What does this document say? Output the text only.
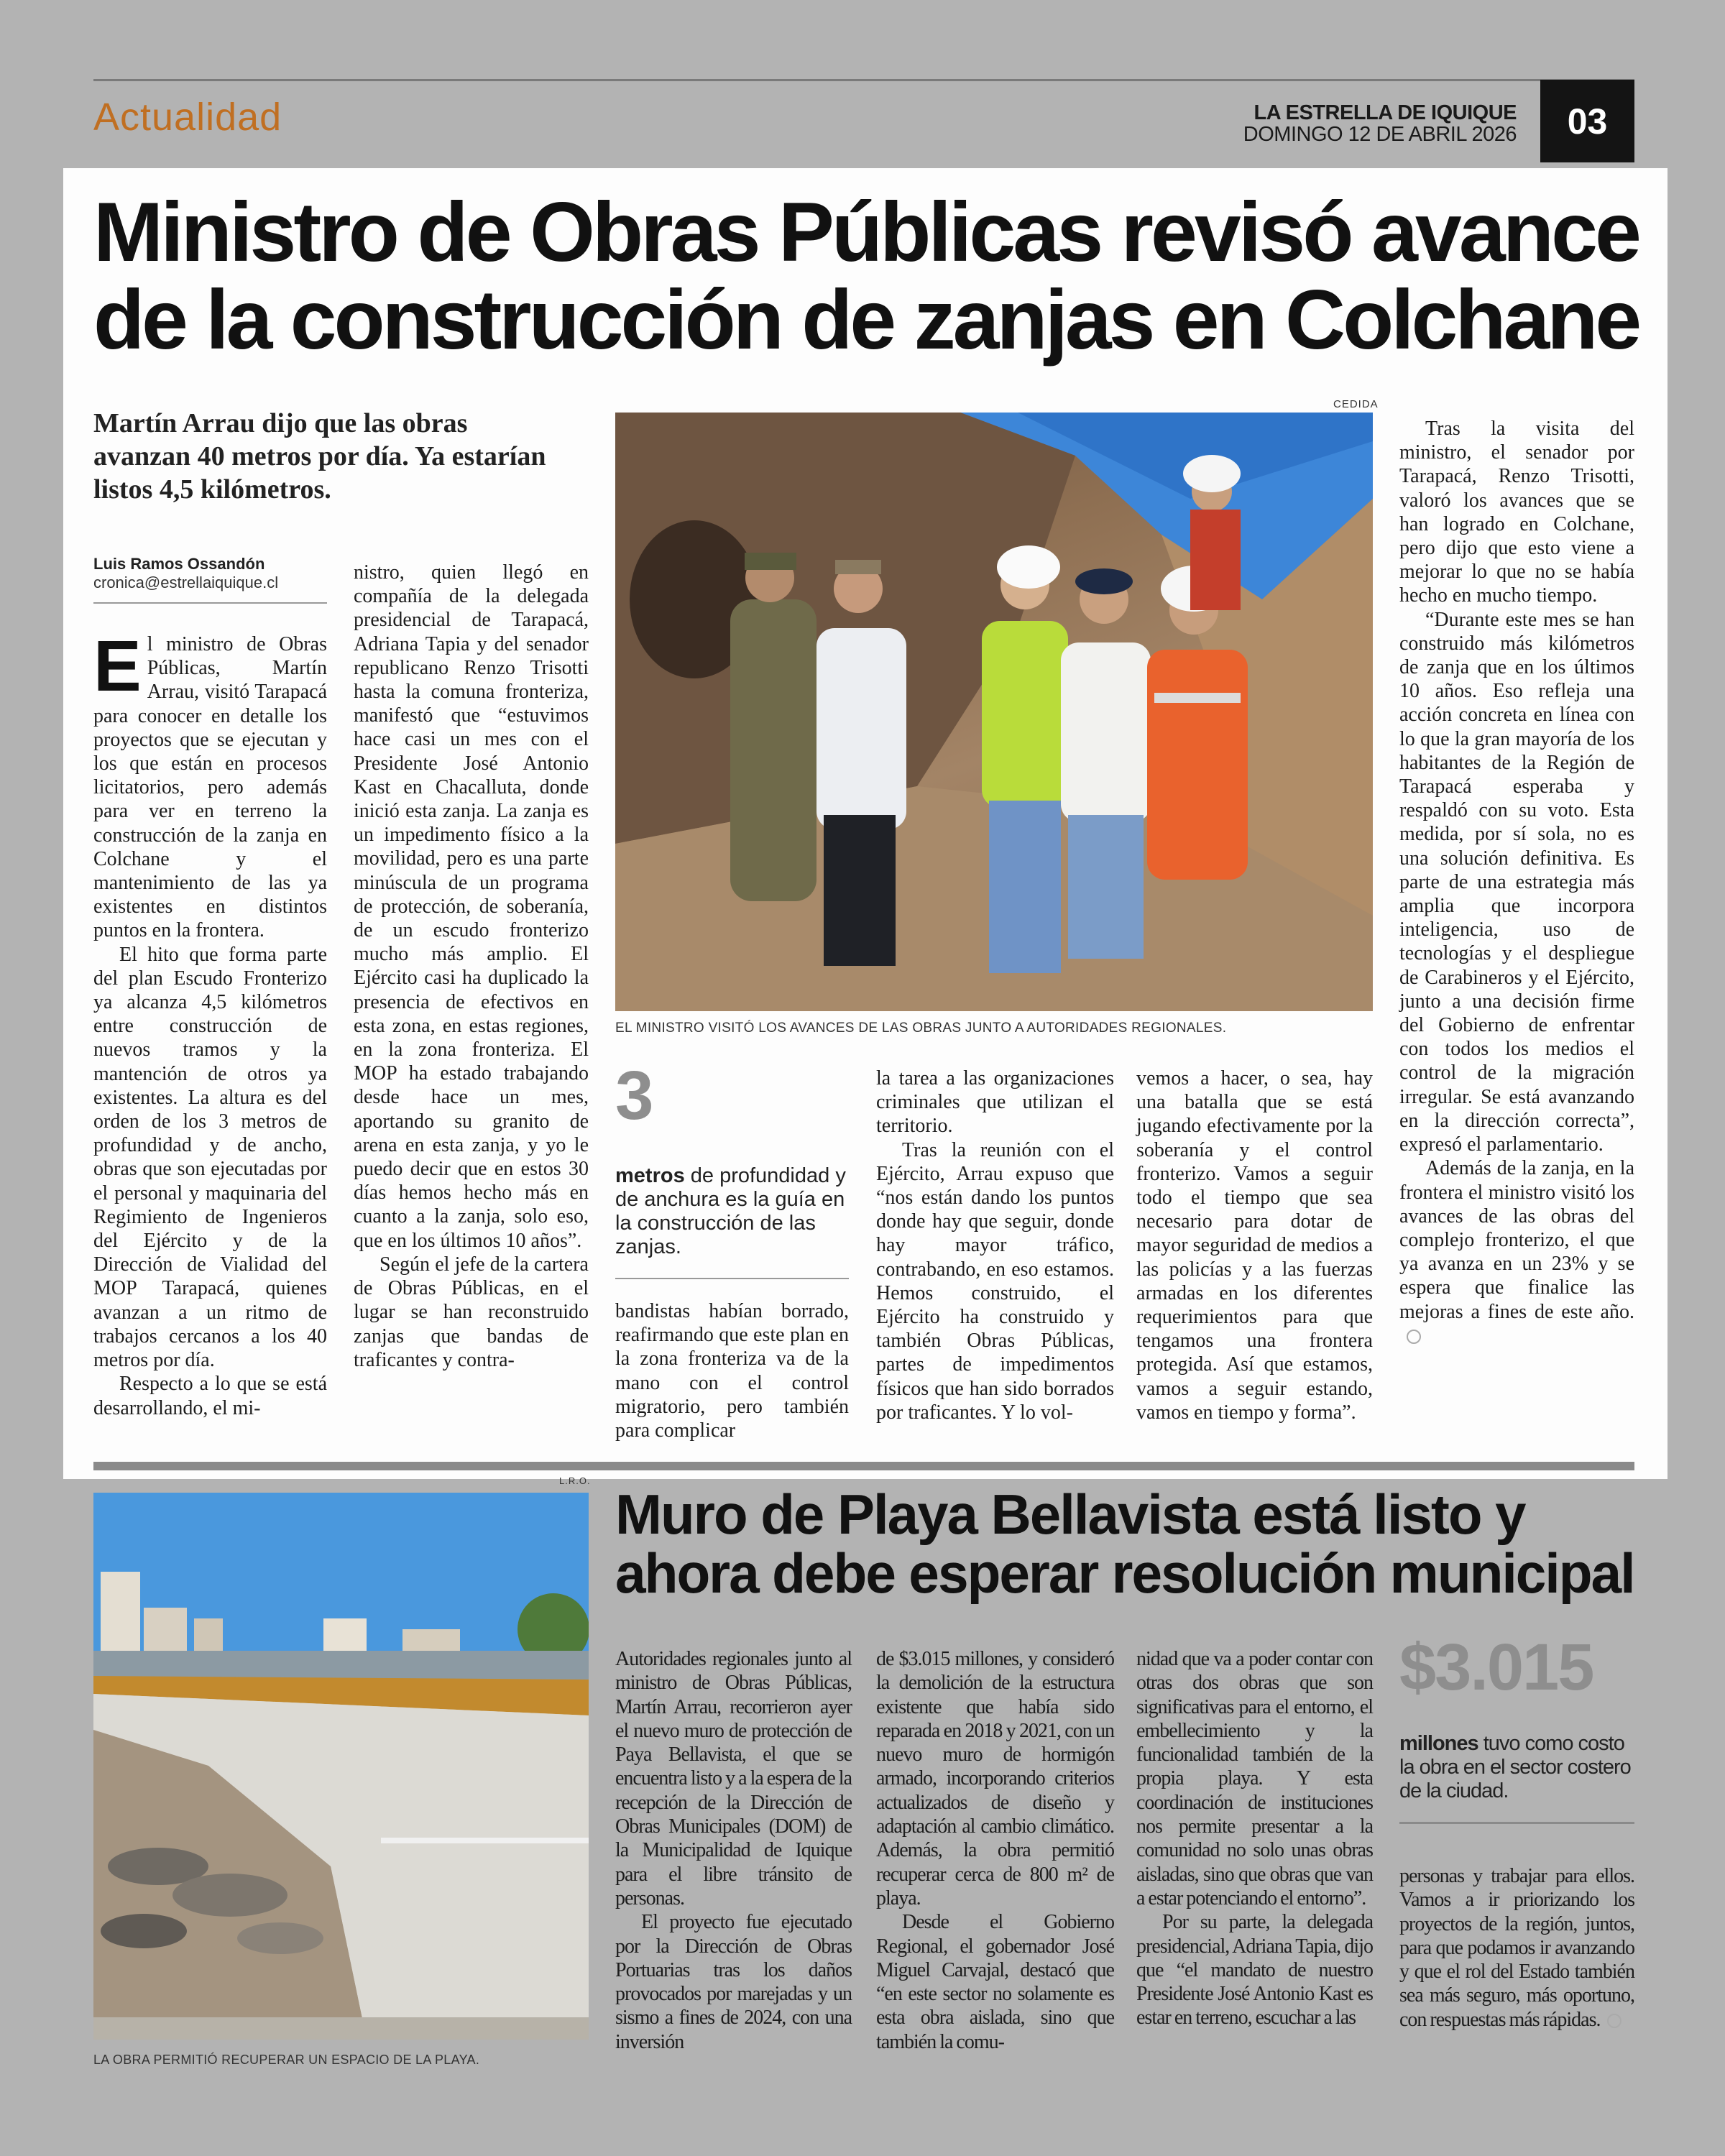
Actualidad	LA ESTRELLA DE IQUIQUE
DOMINGO 12 DE ABRIL 2026	03
Ministro de Obras Públicas revisó avance
de la construcción de zanjas en Colchane
Martín Arrau dijo que las obras avanzan 40 metros por día. Ya estarían listos 4,5 kilómetros.
Luis Ramos Ossandón
cronica@estrellaiquique.cl
CEDIDA
EL MINISTRO VISITÓ LOS AVANCES DE LAS OBRAS JUNTO A AUTORIDADES REGIONALES.

El ministro de Obras Públicas, Martín Arrau, visitó Tarapacá para conocer en detalle los proyectos que se ejecutan y los que están en procesos licitatorios, pero además para ver en terreno la construcción de la zanja en Colchane y el mantenimiento de las ya existentes en distintos puntos en la frontera.

El hito que forma parte del plan Escudo Fronterizo ya alcanza 4,5 kilómetros entre construcción de nuevos tramos y la mantención de otros ya existentes. La altura es del orden de los 3 metros de profundidad y de ancho, obras que son ejecutadas por el personal y maquinaria del Regimiento de Ingenieros del Ejército y de la Dirección de Vialidad del MOP Tarapacá, quienes avanzan a un ritmo de trabajos cercanos a los 40 metros por día.

Respecto a lo que se está desarrollando, el mi-

nistro, quien llegó en compañía de la delegada presidencial de Tarapacá, Adriana Tapia y del senador republicano Renzo Trisotti hasta la comuna fronteriza, manifestó que “estuvimos hace casi un mes con el Presidente José Antonio Kast en Chacalluta, donde inició esta zanja. La zanja es un impedimento físico a la movilidad, pero es una parte minúscula de un programa de protección, de soberanía, de un escudo fronterizo mucho más amplio. El Ejército casi ha duplicado la presencia de efectivos en esta zona, en estas regiones, en la zona fronteriza. El MOP ha estado trabajando desde hace un mes, aportando su granito de arena en esta zanja, y yo le puedo decir que en estos 30 días hemos hecho más en cuanto a la zanja, solo eso, que en los últimos 10 años”.

Según el jefe de la cartera de Obras Públicas, en el lugar se han reconstruido zanjas que bandas de traficantes y contra-

3
metros de profundidad y de anchura es la guía en la construcción de las zanjas.

bandistas habían borrado, reafirmando que este plan en la zona fronteriza va de la mano con el control migratorio, pero también para complicar

la tarea a las organizaciones criminales que utilizan el territorio.

Tras la reunión con el Ejército, Arrau expuso que “nos están dando los puntos donde hay que seguir, donde hay mayor tráfico, contrabando, en eso estamos. Hemos construido, el Ejército ha construido y también Obras Públicas, partes de impedimentos físicos que han sido borrados por traficantes. Y lo vol-

vemos a hacer, o sea, hay una batalla que se está jugando efectivamente por la soberanía y el control fronterizo. Vamos a seguir todo el tiempo que sea necesario para dotar de mayor seguridad de medios a las policías y a las fuerzas armadas en los diferentes requerimientos para que tengamos una frontera protegida. Así que estamos, vamos a seguir estando, vamos en tiempo y forma”.

Tras la visita del ministro, el senador por Tarapacá, Renzo Trisotti, valoró los avances que se han logrado en Colchane, pero dijo que esto viene a mejorar lo que no se había hecho en mucho tiempo.

“Durante este mes se han construido más kilómetros de zanja que en los últimos 10 años. Eso refleja una acción concreta en línea con lo que la gran mayoría de los habitantes de la Región de Tarapacá esperaba y respaldó con su voto. Esta medida, por sí sola, no es una solución definitiva. Es parte de una estrategia más amplia que incorpora inteligencia, uso de tecnologías y el despliegue de Carabineros y el Ejército, junto a una decisión firme del Gobierno de enfrentar con todos los medios el control de la migración irregular. Se está avanzando en la dirección correcta”, expresó el parlamentario.

Además de la zanja, en la frontera el ministro visitó los avances de las obras del complejo fronterizo, el que ya avanza en un 23% y se espera que finalice las mejoras a fines de este año.

L.R.O.
LA OBRA PERMITIÓ RECUPERAR UN ESPACIO DE LA PLAYA.
Muro de Playa Bellavista está listo y
ahora debe esperar resolución municipal

Autoridades regionales junto al ministro de Obras Públicas, Martín Arrau, recorrieron ayer el nuevo muro de protección de Paya Bellavista, el que se encuentra listo y a la espera de la recepción de la Dirección de Obras Municipales (DOM) de la Municipalidad de Iquique para el libre tránsito de personas.

El proyecto fue ejecutado por la Dirección de Obras Portuarias tras los daños provocados por marejadas y un sismo a fines de 2024, con una inversión

de $3.015 millones, y consideró la demolición de la estructura existente que había sido reparada en 2018 y 2021, con un nuevo muro de hormigón armado, incorporando criterios actualizados de diseño y adaptación al cambio climático. Además, la obra permitió recuperar cerca de 800 m² de playa.

Desde el Gobierno Regional, el gobernador José Miguel Carvajal, destacó que “en este sector no solamente es esta obra aislada, sino que también la comu-

nidad que va a poder contar con otras dos obras que son significativas para el entorno, el embellecimiento y la funcionalidad también de la propia playa. Y esta coordinación de instituciones nos permite presentar a la comunidad no solo unas obras aisladas, sino que obras que van a estar potenciando el entorno”.

Por su parte, la delegada presidencial, Adriana Tapia, dijo que “el mandato de nuestro Presidente José Antonio Kast es estar en terreno, escuchar a las

$3.015
millones tuvo como costo la obra en el sector costero de la ciudad.

personas y trabajar para ellos. Vamos a ir priorizando los proyectos de la región, juntos, para que podamos ir avanzando y que el rol del Estado también sea más seguro, más oportuno, con respuestas más rápidas.
